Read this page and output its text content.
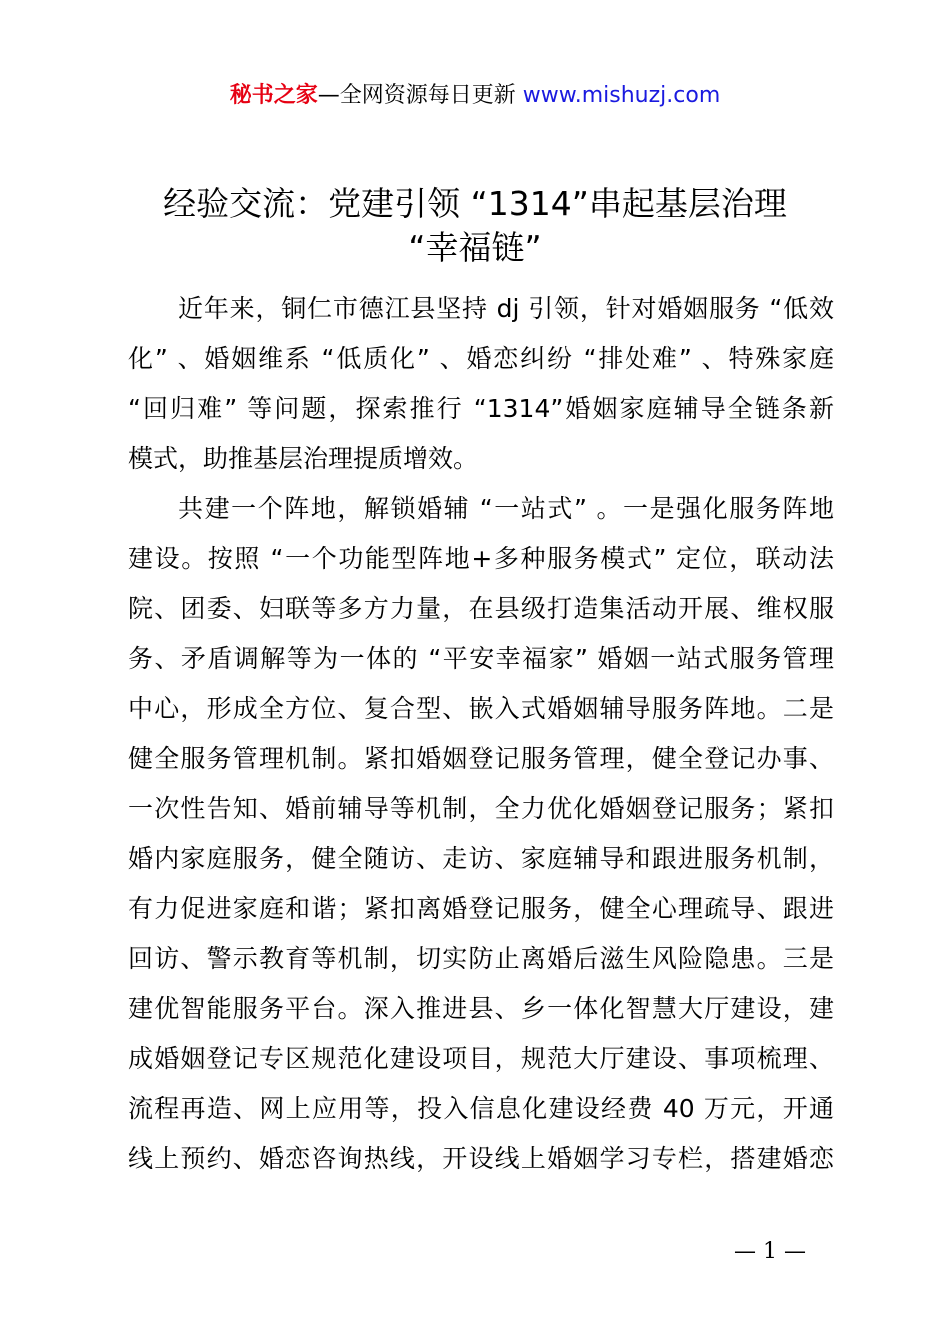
秘书之家—全网资源每日更新 www.mishuzj.com
经验交流：党建引领 “1314”串起基层治理
“幸福链”
近年来，铜仁市德江县坚持 dj 引领，针对婚姻服务 “低效
化” 、婚姻维系 “低质化” 、婚恋纠纷 “排处难” 、特殊家庭
“回归难” 等问题，探索推行 “1314”婚姻家庭辅导全链条新
模式，助推基层治理提质增效。
共建一个阵地，解锁婚辅 “一站式” 。一是强化服务阵地
建设。按照 “一个功能型阵地+多种服务模式” 定位，联动法
院、团委、妇联等多方力量，在县级打造集活动开展、维权服
务、矛盾调解等为一体的 “平安幸福家” 婚姻一站式服务管理
中心，形成全方位、复合型、嵌入式婚姻辅导服务阵地。二是
健全服务管理机制。紧扣婚姻登记服务管理，健全登记办事、
一次性告知、婚前辅导等机制，全力优化婚姻登记服务；紧扣
婚内家庭服务，健全随访、走访、家庭辅导和跟进服务机制，
有力促进家庭和谐；紧扣离婚登记服务，健全心理疏导、跟进
回访、警示教育等机制，切实防止离婚后滋生风险隐患。三是
建优智能服务平台。深入推进县、乡一体化智慧大厅建设，建
成婚姻登记专区规范化建设项目，规范大厅建设、事项梳理、
流程再造、网上应用等，投入信息化建设经费 40 万元，开通
线上预约、婚恋咨询热线，开设线上婚姻学习专栏，搭建婚恋
— 1 —
